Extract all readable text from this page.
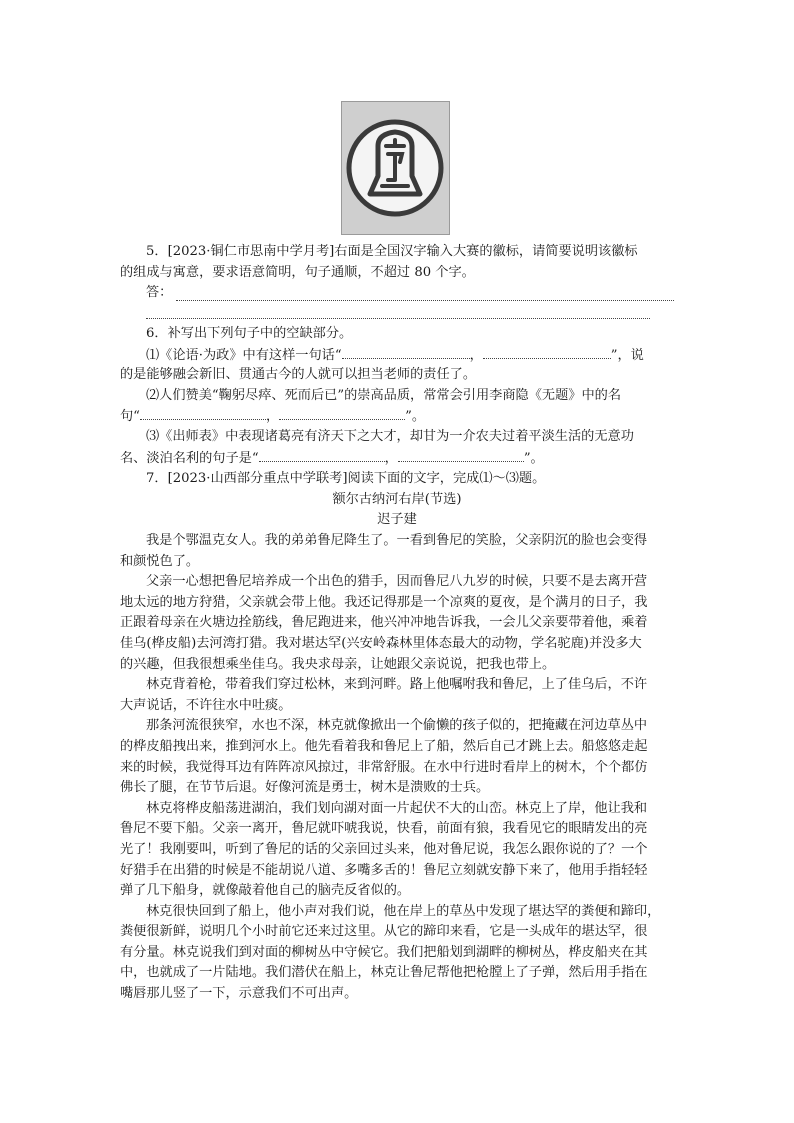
宇
5．[2023·铜仁市思南中学月考]右面是全国汉字输入大赛的徽标，请简要说明该徽标
的组成与寓意，要求语意简明，句子通顺，不超过 80 个字。
答：
6．补写出下列句子中的空缺部分。
⑴《论语·为政》中有这样一句话“	，	”，说
的是能够融会新旧、贯通古今的人就可以担当老师的责任了。
⑵人们赞美“鞠躬尽瘁、死而后已”的崇高品质，常常会引用李商隐《无题》中的名
句“	，	”。
⑶《出师表》中表现诸葛亮有济天下之大才，却甘为一介农夫过着平淡生活的无意功
名、淡泊名利的句子是“	，	”。
7．[2023·山西部分重点中学联考]阅读下面的文字，完成⑴～⑶题。
额尔古纳河右岸(节选)
迟子建
我是个鄂温克女人。我的弟弟鲁尼降生了。一看到鲁尼的笑脸，父亲阴沉的脸也会变得
和颜悦色了。
父亲一心想把鲁尼培养成一个出色的猎手，因而鲁尼八九岁的时候，只要不是去离开营
地太远的地方狩猎，父亲就会带上他。我还记得那是一个凉爽的夏夜，是个满月的日子，我
正跟着母亲在火塘边拴筋线，鲁尼跑进来，他兴冲冲地告诉我，一会儿父亲要带着他，乘着
佳乌(桦皮船)去河湾打猎。我对堪达罕(兴安岭森林里体态最大的动物，学名驼鹿)并没多大
的兴趣，但我很想乘坐佳乌。我央求母亲，让她跟父亲说说，把我也带上。
林克背着枪，带着我们穿过松林，来到河畔。路上他嘱咐我和鲁尼，上了佳乌后，不许
大声说话，不许往水中吐痰。
那条河流很狭窄，水也不深，林克就像掀出一个偷懒的孩子似的，把掩藏在河边草丛中
的桦皮船拽出来，推到河水上。他先看着我和鲁尼上了船，然后自己才跳上去。船悠悠走起
来的时候，我觉得耳边有阵阵凉风掠过，非常舒服。在水中行进时看岸上的树木，个个都仿
佛长了腿，在节节后退。好像河流是勇士，树木是溃败的士兵。
林克将桦皮船荡进湖泊，我们划向湖对面一片起伏不大的山峦。林克上了岸，他让我和
鲁尼不要下船。父亲一离开，鲁尼就吓唬我说，快看，前面有狼，我看见它的眼睛发出的亮
光了！我刚要叫，听到了鲁尼的话的父亲回过头来，他对鲁尼说，我怎么跟你说的了？一个
好猎手在出猎的时候是不能胡说八道、多嘴多舌的！鲁尼立刻就安静下来了，他用手指轻轻
弹了几下船身，就像敲着他自己的脑壳反省似的。
林克很快回到了船上，他小声对我们说，他在岸上的草丛中发现了堪达罕的粪便和蹄印，
粪便很新鲜，说明几个小时前它还来过这里。从它的蹄印来看，它是一头成年的堪达罕，很
有分量。林克说我们到对面的柳树丛中守候它。我们把船划到湖畔的柳树丛，桦皮船夹在其
中，也就成了一片陆地。我们潜伏在船上，林克让鲁尼帮他把枪膛上了子弹，然后用手指在
嘴唇那儿竖了一下，示意我们不可出声。
